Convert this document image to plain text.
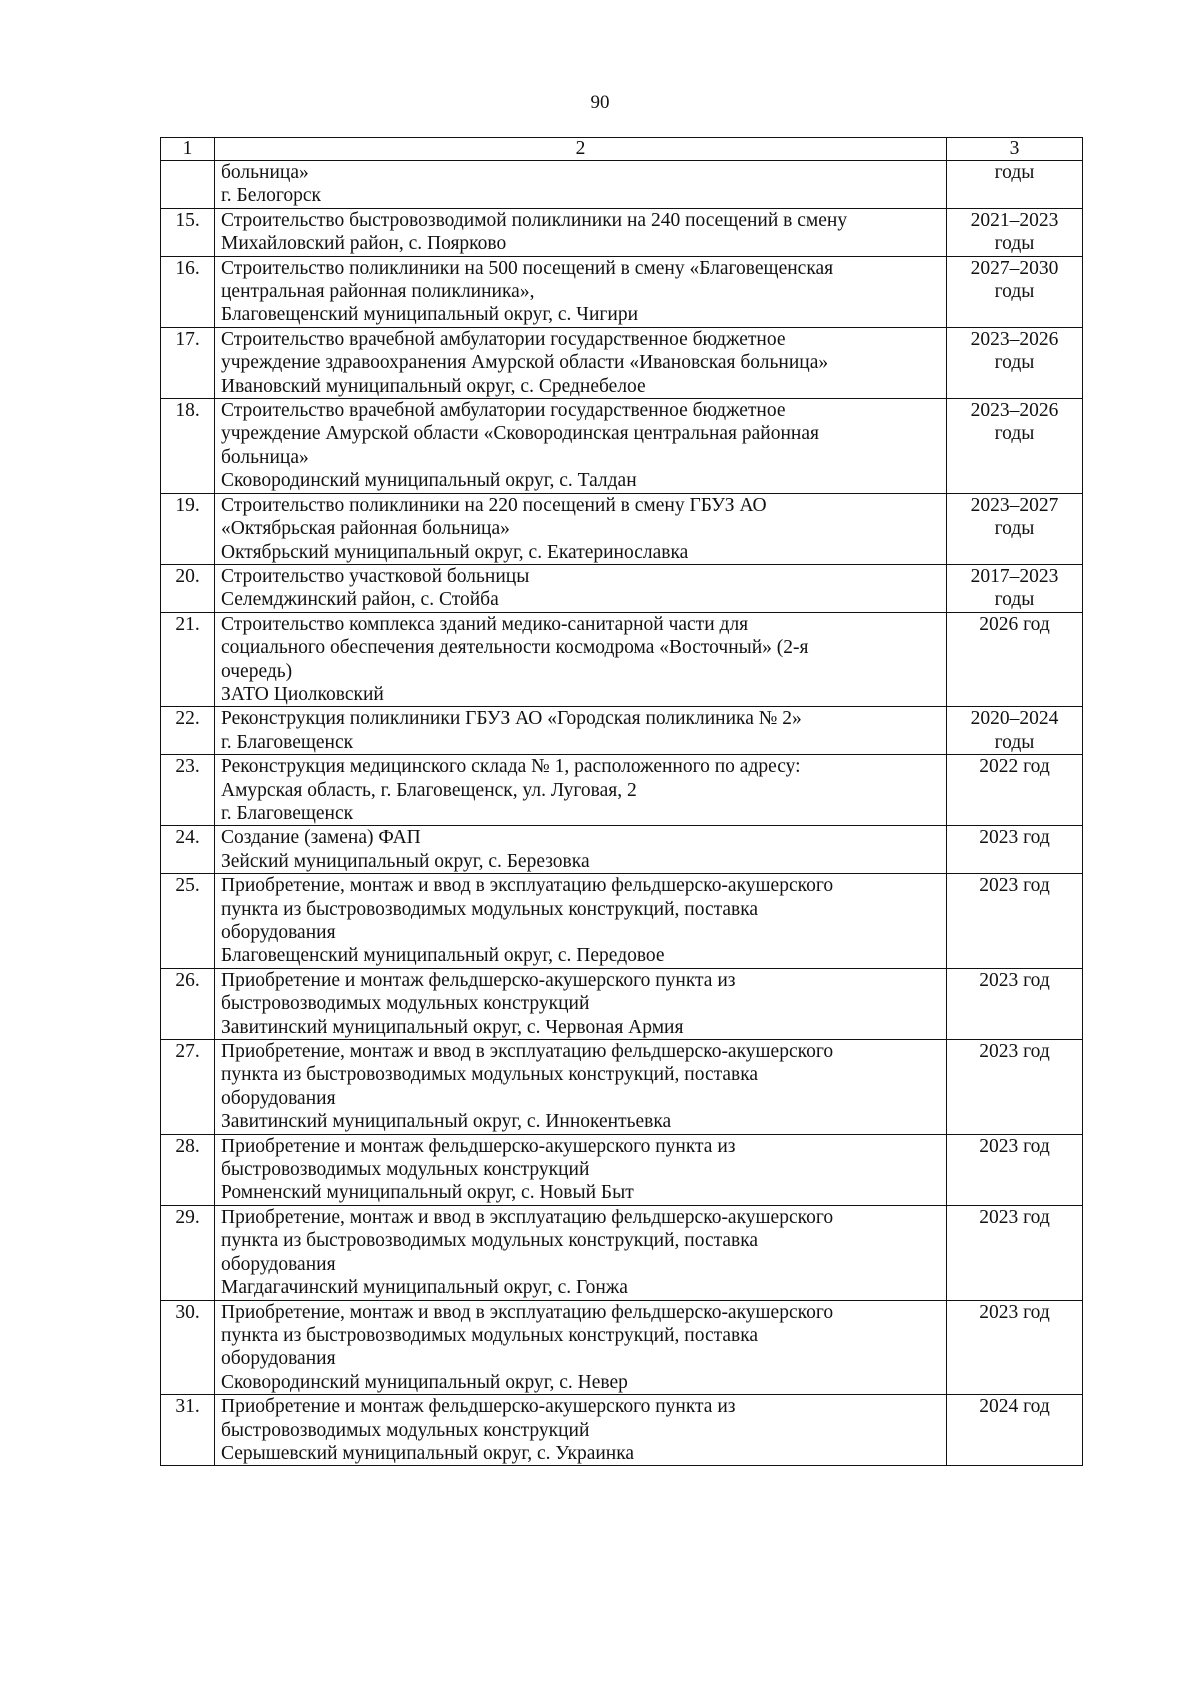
90
1	2	3

	больница»
г. Белогорск	годы

15.	Строительство быстровозводимой поликлиники на 240 посещений в смену
Михайловский район, с. Поярково	2021–2023
годы

16.	Строительство поликлиники на 500 посещений в смену «Благовещенская
центральная районная поликлиника»,
Благовещенский муниципальный округ, с. Чигири	2027–2030
годы

17.	Строительство врачебной амбулатории государственное бюджетное
учреждение здравоохранения Амурской области «Ивановская больница»
Ивановский муниципальный округ, с. Среднебелое	2023–2026
годы

18.	Строительство врачебной амбулатории государственное бюджетное
учреждение Амурской области «Сковородинская центральная районная
больница»
Сковородинский муниципальный округ, с. Талдан	2023–2026
годы

19.	Строительство поликлиники на 220 посещений в смену ГБУЗ АО
«Октябрьская районная больница»
Октябрьский муниципальный округ, с. Екатеринославка	2023–2027
годы

20.	Строительство участковой больницы
Селемджинский район, с. Стойба	2017–2023
годы

21.	Строительство комплекса зданий медико-санитарной части для
социального обеспечения деятельности космодрома «Восточный» (2-я
очередь)
ЗАТО Циолковский	2026 год

22.	Реконструкция поликлиники ГБУЗ АО «Городская поликлиника № 2»
г. Благовещенск	2020–2024
годы

23.	Реконструкция медицинского склада № 1, расположенного по адресу:
Амурская область, г. Благовещенск, ул. Луговая, 2
г. Благовещенск	2022 год

24.	Создание (замена) ФАП
Зейский муниципальный округ, с. Березовка	2023 год

25.	Приобретение, монтаж и ввод в эксплуатацию фельдшерско-акушерского
пункта из быстровозводимых модульных конструкций, поставка
оборудования
Благовещенский муниципальный округ, с. Передовое	2023 год

26.	Приобретение и монтаж фельдшерско-акушерского пункта из
быстровозводимых модульных конструкций
Завитинский муниципальный округ, с. Червоная Армия	2023 год

27.	Приобретение, монтаж и ввод в эксплуатацию фельдшерско-акушерского
пункта из быстровозводимых модульных конструкций, поставка
оборудования
Завитинский муниципальный округ, с. Иннокентьевка	2023 год

28.	Приобретение и монтаж фельдшерско-акушерского пункта из
быстровозводимых модульных конструкций
Ромненский муниципальный округ, с. Новый Быт	2023 год

29.	Приобретение, монтаж и ввод в эксплуатацию фельдшерско-акушерского
пункта из быстровозводимых модульных конструкций, поставка
оборудования
Магдагачинский муниципальный округ, с. Гонжа	2023 год

30.	Приобретение, монтаж и ввод в эксплуатацию фельдшерско-акушерского
пункта из быстровозводимых модульных конструкций, поставка
оборудования
Сковородинский муниципальный округ, с. Невер	2023 год

31.	Приобретение и монтаж фельдшерско-акушерского пункта из
быстровозводимых модульных конструкций
Серышевский муниципальный округ, с. Украинка	2024 год
